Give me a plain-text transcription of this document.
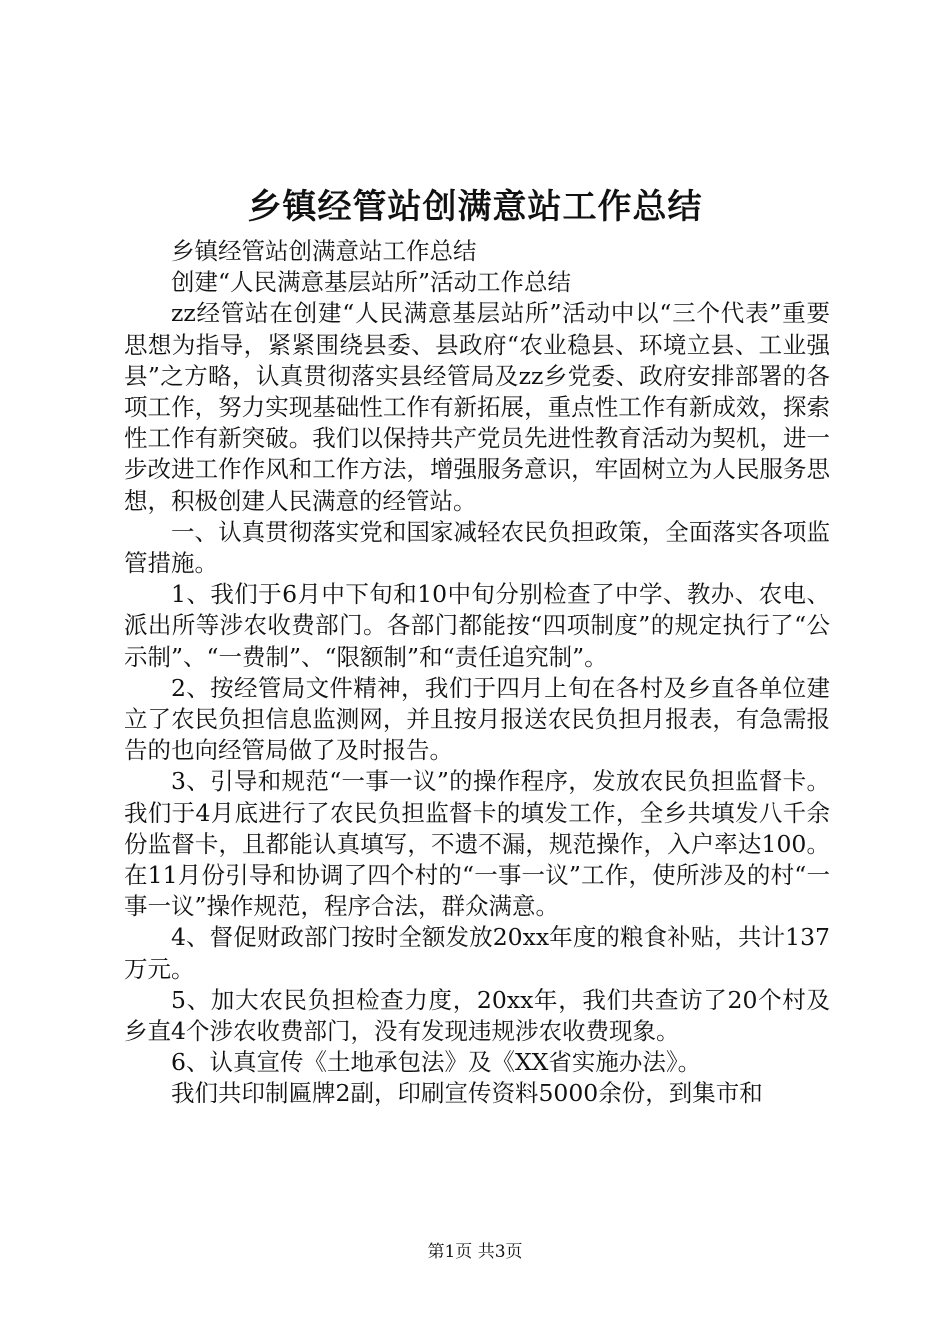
乡镇经管站创满意站工作总结

乡镇经管站创满意站工作总结

创建“人民满意基层站所”活动工作总结

zz经管站在创建“人民满意基层站所”活动中以“三个代表”重要思想为指导，紧紧围绕县委、县政府“农业稳县、环境立县、工业强县”之方略，认真贯彻落实县经管局及zz乡党委、政府安排部署的各项工作，努力实现基础性工作有新拓展，重点性工作有新成效，探索性工作有新突破。我们以保持共产党员先进性教育活动为契机，进一步改进工作作风和工作方法，增强服务意识，牢固树立为人民服务思想，积极创建人民满意的经管站。

一、认真贯彻落实党和国家减轻农民负担政策，全面落实各项监管措施。

1、我们于6月中下旬和10中旬分别检查了中学、教办、农电、派出所等涉农收费部门。各部门都能按“四项制度”的规定执行了“公示制”、“一费制”、“限额制”和“责任追究制”。

2、按经管局文件精神，我们于四月上旬在各村及乡直各单位建立了农民负担信息监测网，并且按月报送农民负担月报表，有急需报告的也向经管局做了及时报告。

3、引导和规范“一事一议”的操作程序，发放农民负担监督卡。我们于4月底进行了农民负担监督卡的填发工作，全乡共填发八千余份监督卡，且都能认真填写，不遗不漏，规范操作，入户率达100。在11月份引导和协调了四个村的“一事一议”工作，使所涉及的村“一事一议”操作规范，程序合法，群众满意。

4、督促财政部门按时全额发放20xx年度的粮食补贴，共计137万元。

5、加大农民负担检查力度，20xx年，我们共查访了20个村及乡直4个涉农收费部门，没有发现违规涉农收费现象。

6、认真宣传《土地承包法》及《XX省实施办法》。

我们共印制匾牌2副，印刷宣传资料5000余份，到集市和

第1页 共3页
